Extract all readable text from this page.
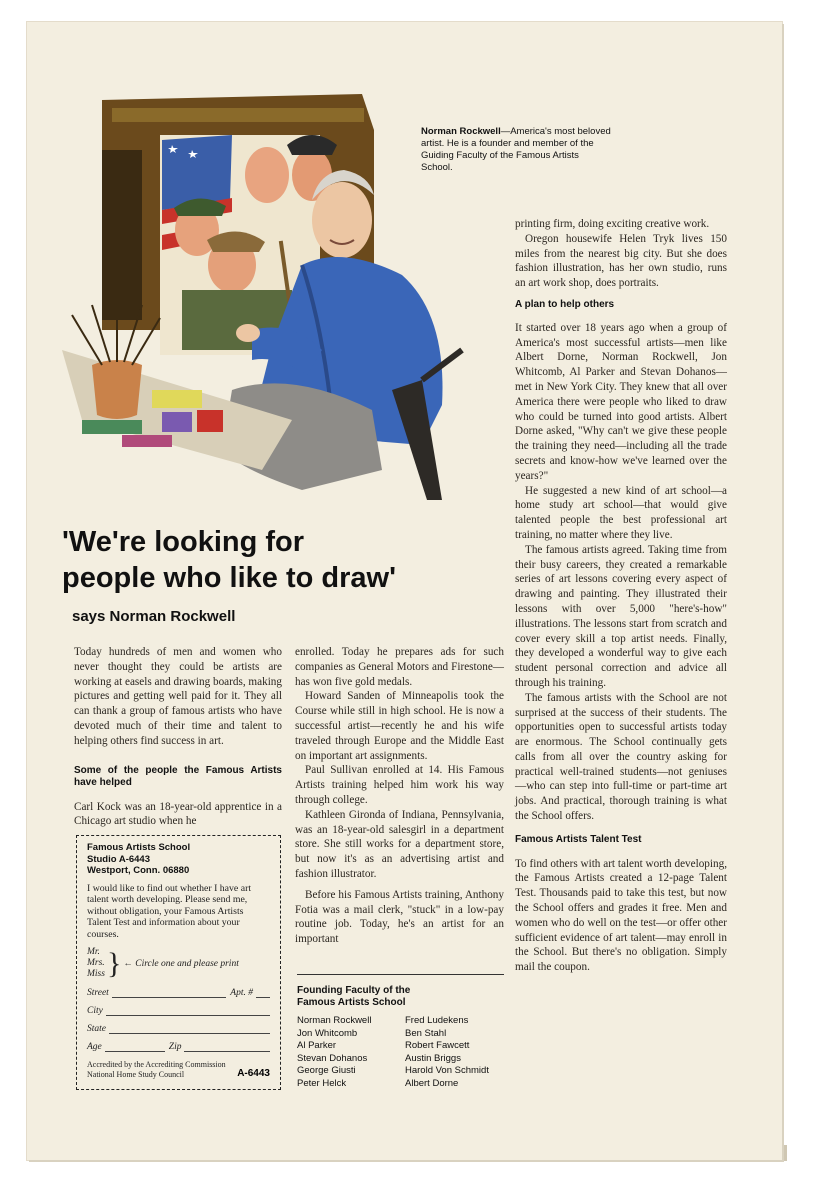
Norman Rockwell—America's most beloved artist. He is a founder and member of the Guiding Faculty of the Famous Artists School.
'We're looking for
people who like to draw'
says Norman Rockwell

Today hundreds of men and women who never thought they could be artists are working at easels and drawing boards, making pictures and getting well paid for it. They all can thank a group of famous artists who have devoted much of their time and talent to helping others find success in art.

Some of the people the Famous Artists have helped

Carl Kock was an 18-year-old apprentice in a Chicago art studio when he

Famous Artists School
Studio A-6443
Westport, Conn. 06880
I would like to find out whether I have art talent worth developing. Please send me, without obligation, your Famous Artists Talent Test and information about your courses.
Mr.
Mrs.
Miss } ← Circle one and please print
Street	Apt. #
City
State
Age	Zip
Accredited by the Accrediting Commission National Home Study Council	A-6443

enrolled. Today he prepares ads for such companies as General Motors and Firestone—has won five gold medals.

Howard Sanden of Minneapolis took the Course while still in high school. He is now a successful artist—recently he and his wife traveled through Europe and the Middle East on important art assignments.

Paul Sullivan enrolled at 14. His Famous Artists training helped him work his way through college.

Kathleen Gironda of Indiana, Pennsylvania, was an 18-year-old salesgirl in a department store. She still works for a department store, but now it's as an advertising artist and fashion illustrator.

Before his Famous Artists training, Anthony Fotia was a mail clerk, "stuck" in a low-pay routine job. Today, he's an artist for an important

Founding Faculty of the Famous Artists School
Norman Rockwell
Jon Whitcomb
Al Parker
Stevan Dohanos
George Giusti
Peter Helck
Fred Ludekens
Ben Stahl
Robert Fawcett
Austin Briggs
Harold Von Schmidt
Albert Dorne

printing firm, doing exciting creative work.

Oregon housewife Helen Tryk lives 150 miles from the nearest big city. But she does fashion illustration, has her own studio, runs an art work shop, does portraits.

A plan to help others

It started over 18 years ago when a group of America's most successful artists—men like Albert Dorne, Norman Rockwell, Jon Whitcomb, Al Parker and Stevan Dohanos—met in New York City. They knew that all over America there were people who liked to draw who could be turned into good artists. Albert Dorne asked, "Why can't we give these people the training they need—including all the trade secrets and know-how we've learned over the years?"

He suggested a new kind of art school—a home study art school—that would give talented people the best professional art training, no matter where they live.

The famous artists agreed. Taking time from their busy careers, they created a remarkable series of art lessons covering every aspect of drawing and painting. They illustrated their lessons with over 5,000 "here's-how" illustrations. The lessons start from scratch and cover every skill a top artist needs. Finally, they developed a wonderful way to give each student personal correction and advice all through his training.

The famous artists with the School are not surprised at the success of their students. The opportunities open to successful artists today are enormous. The School continually gets calls from all over the country asking for practical well-trained students—not geniuses—who can step into full-time or part-time art jobs. And practical, thorough training is what the School offers.

Famous Artists Talent Test

To find others with art talent worth developing, the Famous Artists created a 12-page Talent Test. Thousands paid to take this test, but now the School offers and grades it free. Men and women who do well on the test—or offer other sufficient evidence of art talent—may enroll in the School. But there's no obligation. Simply mail the coupon.
